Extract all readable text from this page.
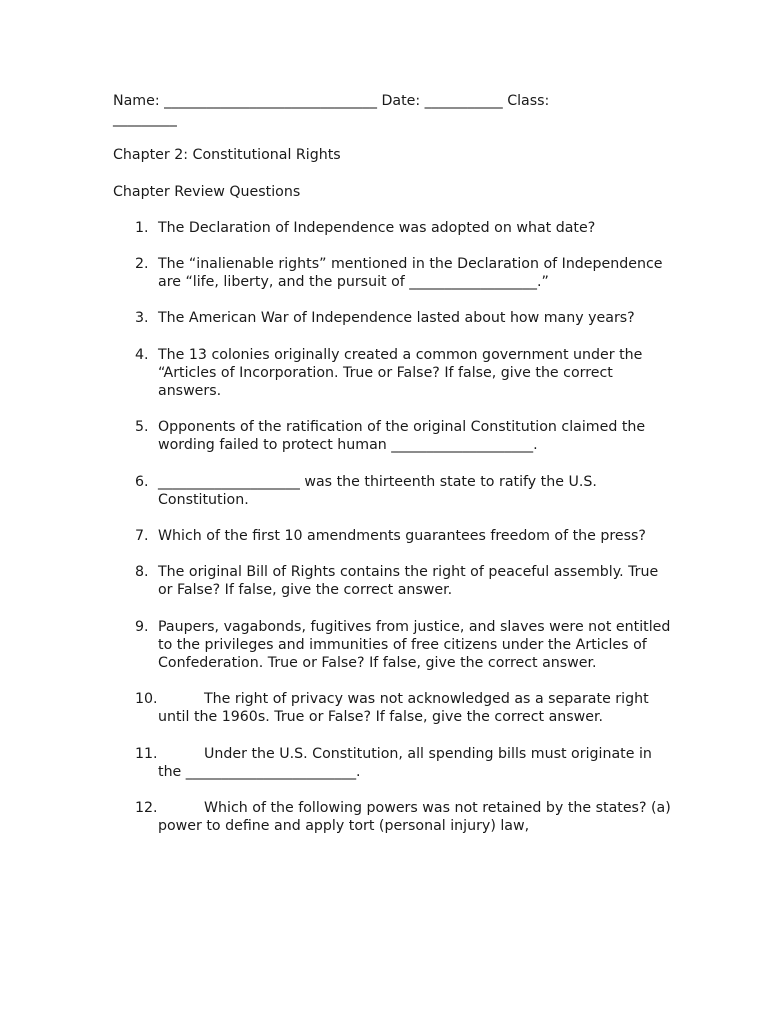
Name: ______________________________ Date: ___________ Class:

_________

Chapter 2: Constitutional Rights

Chapter Review Questions

1. The Declaration of Independence was adopted on what date?
2. The “inalienable rights” mentioned in the Declaration of Independence are “life, liberty, and the pursuit of __________________.”
3. The American War of Independence lasted about how many years?
4. The 13 colonies originally created a common government under the “Articles of Incorporation. True or False? If false, give the correct answers.
5. Opponents of the ratification of the original Constitution claimed the wording failed to protect human ____________________.
6. ____________________ was the thirteenth state to ratify the U.S. Constitution.
7. Which of the first 10 amendments guarantees freedom of the press?
8. The original Bill of Rights contains the right of peaceful assembly. True or False? If false, give the correct answer.
9. Paupers, vagabonds, fugitives from justice, and slaves were not entitled to the privileges and immunities of free citizens under the Articles of Confederation. True or False? If false, give the correct answer.
10.	The right of privacy was not acknowledged as a separate right until the 1960s. True or False? If false, give the correct answer.
11.	Under the U.S. Constitution, all spending bills must originate in the ________________________.
12.	Which of the following powers was not retained by the states? (a) power to define and apply tort (personal injury) law,
